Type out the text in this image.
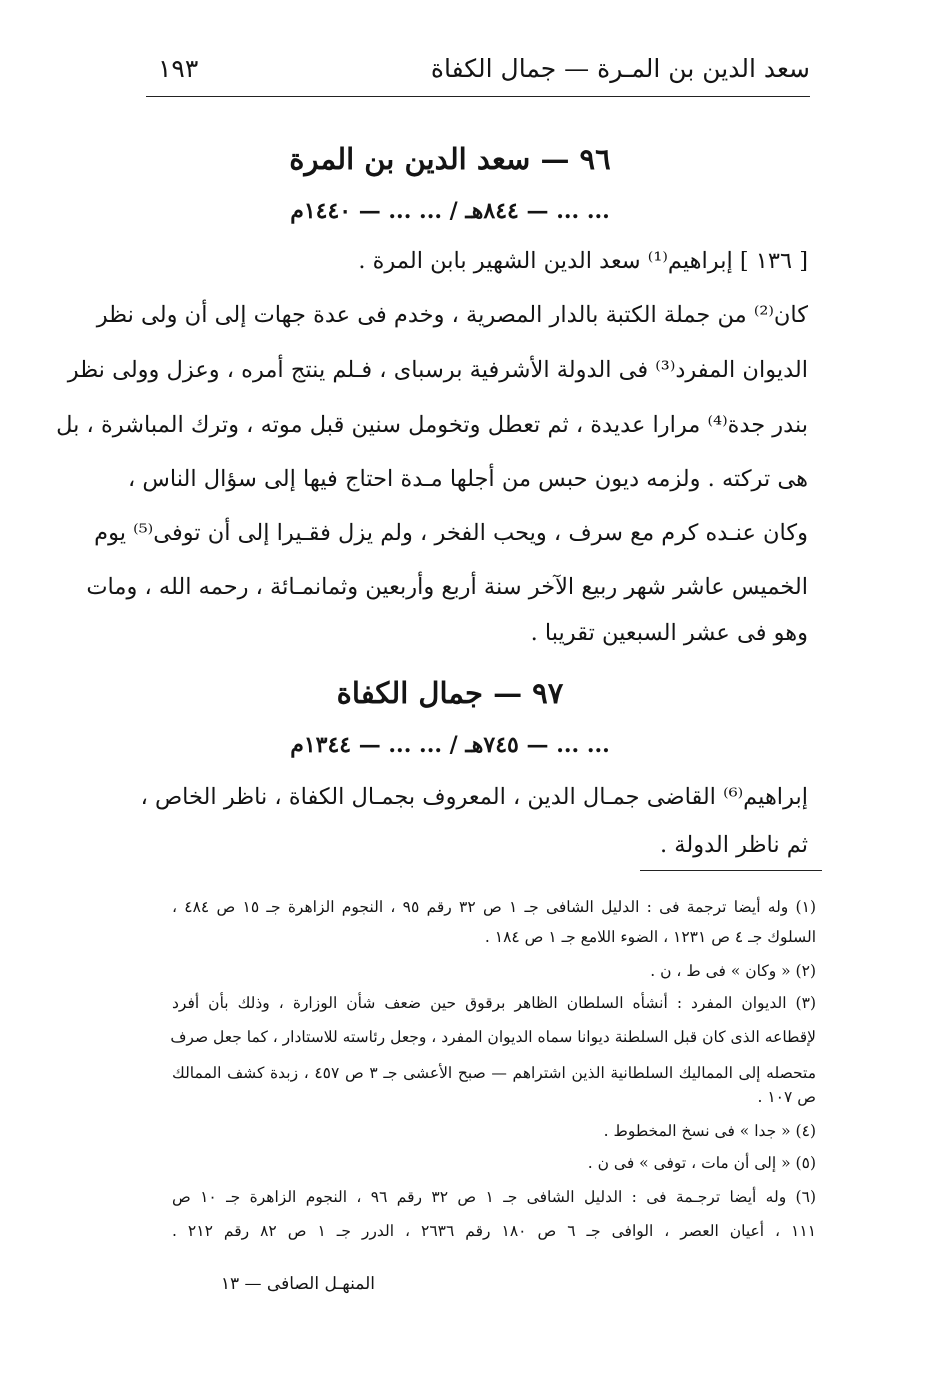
سعد الدين بن المـرة — جمال الكفاة
١٩٣
٩٦ — سعد الدين بن المرة
... ... — ٨٤٤هـ / ... ... — ١٤٤٠م
[ ١٣٦ ] إبراهيم⁽¹⁾ سعد الدين الشهير بابن المرة .
كان⁽²⁾ من جملة الكتبة بالدار المصرية ، وخدم فى عدة جهات إلى أن ولى نظر
الديوان المفرد⁽³⁾ فى الدولة الأشرفية برسباى ، فـلم ينتج أمره ، وعزل وولى نظر
بندر جدة⁽⁴⁾ مرارا عديدة ، ثم تعطل وتخومل سنين قبل موته ، وترك المباشرة ، بل
هى تركته . ولزمه ديون حبس من أجلها مـدة احتاج فيها إلى سؤال الناس ،
وكان عنـده كرم مع سرف ، ويحب الفخر ، ولم يزل فقـيرا إلى أن توفى⁽⁵⁾ يوم
الخميس عاشر شهر ربيع الآخر سنة أربع وأربعين وثمانمـائة ، رحمه الله ، ومات
وهو فى عشر السبعين تقريبا .
٩٧ — جمال الكفاة
... ... — ٧٤٥هـ / ... ... — ١٣٤٤م
إبراهيم⁽⁶⁾ القاضى جمـال الدين ، المعروف بجمـال الكفاة ، ناظر الخاص ،
ثم ناظر الدولة .
(١) وله أيضا ترجمة فى : الدليل الشافى جـ ١ ص ٣٢ رقم ٩٥ ، النجوم الزاهرة جـ ١٥ ص ٤٨٤ ،
السلوك جـ ٤ ص ١٢٣١ ، الضوء اللامع جـ ١ ص ١٨٤ .
(٢) « وكان » فى ط ، ن .
(٣) الديوان المفرد : أنشأه السلطان الظاهر برقوق حين ضعف شأن الوزارة ، وذلك بأن أفرد
لإقطاعه الذى كان قبل السلطنة ديوانا سماه الديوان المفرد ، وجعل رئاسته للاستادار ، كما جعل صرف
متحصله إلى المماليك السلطانية الذين اشتراهم — صبح الأعشى جـ ٣ ص ٤٥٧ ، زبدة كشف الممالك
ص ١٠٧ .
(٤) « جدا » فى نسخ المخطوط .
(٥) « إلى أن مات ، توفى » فى ن .
(٦) وله أيضا ترجـمة فى : الدليل الشافى جـ ١ ص ٣٢ رقم ٩٦ ، النجوم الزاهرة جـ ١٠ ص
١١١ ، أعيان العصر ، الوافى جـ ٦ ص ١٨٠ رقم ٢٦٣٦ ، الدرر جـ ١ ص ٨٢ رقم ٢١٢ .
المنهـل الصافى — ١٣
